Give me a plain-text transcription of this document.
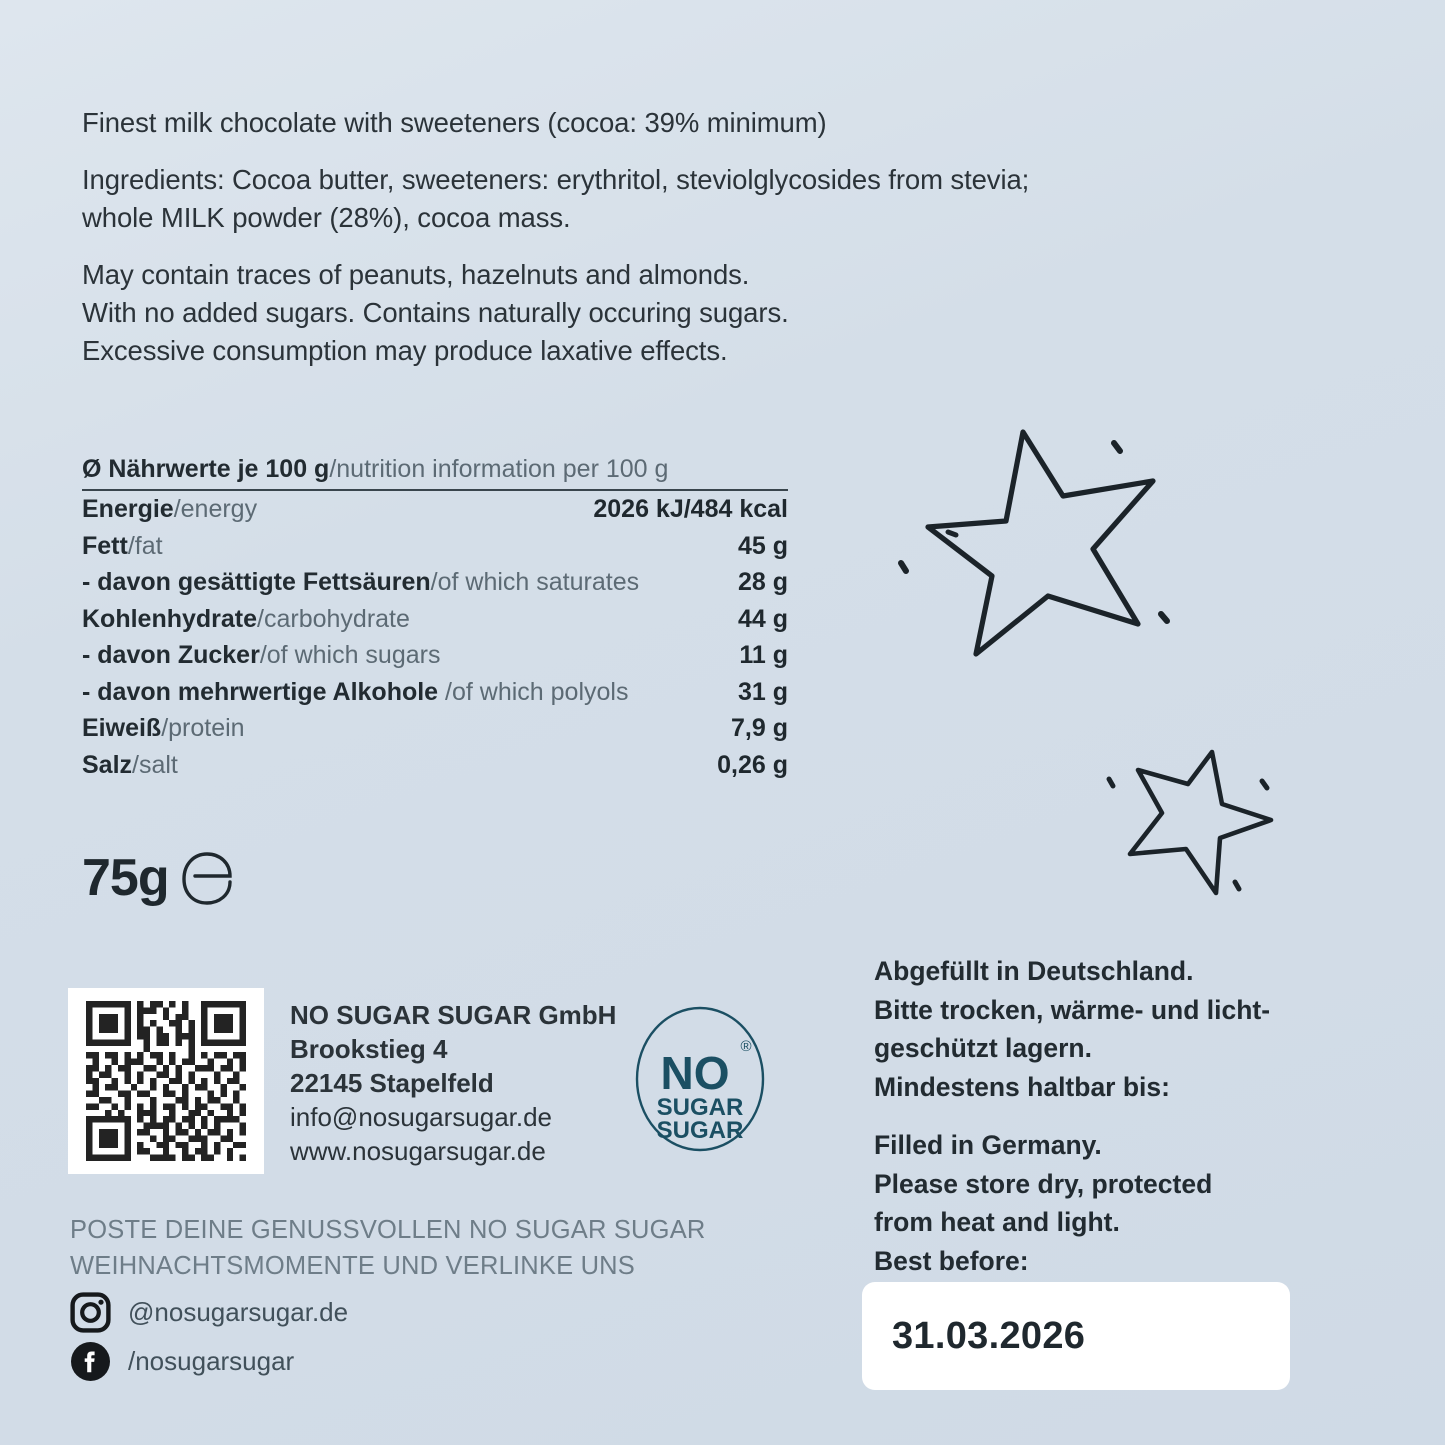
Finest milk chocolate with sweeteners (cocoa: 39% minimum)
Ingredients: Cocoa butter, sweeteners: erythritol, steviolglycosides from stevia;
whole MILK powder (28%), cocoa mass.
May contain traces of peanuts, hazelnuts and almonds.
With no added sugars. Contains naturally occuring sugars.
Excessive consumption may produce laxative effects.
Ø Nährwerte je 100 g/nutrition information per 100 g
Energie/energy	2026 kJ/484 kcal
Fett/fat	45 g
- davon gesättigte Fettsäuren/of which saturates	28 g
Kohlenhydrate/carbohydrate	44 g
- davon Zucker/of which sugars	11 g
- davon mehrwertige Alkohole /of which polyols	31 g
Eiweiß/protein	7,9 g
Salz/salt	0,26 g
75g
NO SUGAR SUGAR GmbH
Brookstieg 4
22145 Stapelfeld
info@nosugarsugar.de
www.nosugarsugar.de
NO
®
SUGAR
SUGAR
POSTE DEINE GENUSSVOLLEN NO SUGAR SUGAR
WEIHNACHTSMOMENTE UND VERLINKE UNS
@nosugarsugar.de
/nosugarsugar
Abgefüllt in Deutschland.
Bitte trocken, wärme- und licht-
geschützt lagern.
Mindestens haltbar bis:
Filled in Germany.
Please store dry, protected
from heat and light.
Best before:
31.03.2026
